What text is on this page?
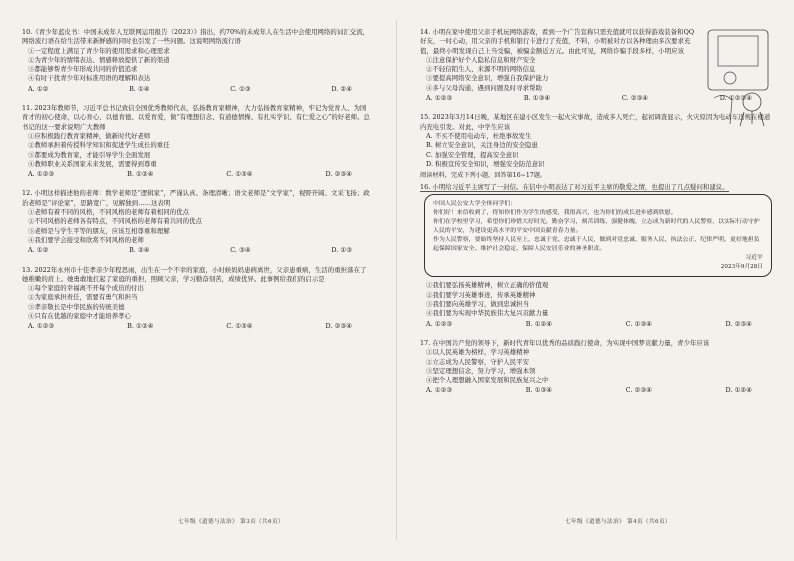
10.《青少年蓝皮书：中国未成年人互联网运用报告（2023）》指出，约70%的未成年人在生活中会使用网络的词汇交流，网络流行语在给生活带来新鲜感的同时也引发了一些问题。这说明网络流行语
①一定程度上满足了青少年的使用需求和心理需求
②为青少年的情绪表达、情感释放提供了新的渠道
③都能够帮青少年形成共同的价值追求
④有时干扰青少年对标准用语的理解和表达
A. ①②	B. ①④	C. ①③	D. ②④
11. 2023年教师节，习近平总书记致信全国优秀教师代表，弘扬教育家精神，大力弘扬教育家精神，牢记为党育人、为国育才的初心使命，以心育心、以德育德、以爱育爱，做“有理想信念、有道德情操、有扎实学识、有仁爱之心”的好老师。总书记的这一要求说明广大教师
①应积极践行教育家精神，做新时代好老师
②教师承担着传授科学知识和促进学生成长的重任
③都要成为教育家，才能引导学生全面发展
④教师职业关系国家未来发展，需要得到尊重
A. ①②③	B. ①②④	C. ①③④	D. ②③④
12. 小明这样描述他的老师：数学老师是“逻辑家”，严谨认真、条理清晰；语文老师是“文学家”，视野开阔、文采飞扬；政治老师是“评论家”，思路宽广，见解独到……这表明
①老师有着不同的风格，不同风格的老师有着相同的优点
②不同风格的老师各有特点，不同风格的老师有着共同的优点
③老师是与学生平等的朋友，应该互相尊重和理解
④我们要学会接受和欣赏不同风格的老师
A. ①②	B. ②④	C. ③④	D. ①③
13. 2022年永州市十佳孝亲少年程思雨，出生在一个不幸的家庭，小时候妈妈患病离世，父亲患重病，生活的重担落在了她稚嫩的肩上。她勇敢地扛起了家庭的重担，照顾父亲，学习勤奋刻苦，成绩优异。此事例给我们的启示是
①每个家庭的幸福离不开每个成员的付出
②为家庭承担责任，需要有勇气和担当
③孝亲敬长是中华民族的传统美德
④只有在优越的家庭中才能培养孝心
A. ①②③	B. ①②④	C. ①③④	D. ②③④
七年级《道德与法治》 第3页（共6页）
14. 小明在家中使用父亲手机玩网络游戏，看到一个广告宣称只需充值就可以获得游戏装备和QQ好友，一时心动，用父亲的手机和银行卡进行了充值，不料，小明被对方以各种理由多次要求充值，最终小明发现自己上当受骗，被骗金额近万元。由此可见，网络诈骗手段多样，小明应该
①注意保护好个人隐私信息和财产安全
②不轻信陌生人、来源不明的网络信息
③要提高网络安全意识，增强自我保护能力
④多与父母沟通，遇到问题及时寻求帮助
A. ①②③	B. ①③④	C. ②③④	D. ①②③④
15. 2023年3月14日晚，某地区在建小区发生一起火灾事故，造成多人死亡，起初调查显示，火灾原因为电动车违规在楼道内充电引发。对此，中学生应该
A. 不买不使用电动车，杜绝事故发生
B. 树立安全意识，关注身边的安全隐患
C. 加强安全管理，提高安全意识
D. 积极宣传安全知识，增强安全防范意识
阅读材料，完成下列小题，回答第16~17题。
16. 小明给习近平主席写了一封信。在信中小明表达了对习近平主席的敬爱之情，也提出了几点疑问和建议。
中国人民公安大学全体同学们：
你们好！来信收到了，得知你们作为学生的感受，我很高兴，也为你们的成长进步感到欣慰。
你们在学校里学习，希望你们珍惜大好时光，勤奋学习，刻苦训练，强健体魄，立志成为新时代的人民警察，以实际行动守护人民的平安，为建设更高水平的平安中国贡献青春力量。
作为人民警察，要始终坚持人民至上，忠诚于党、忠诚于人民，做到对党忠诚、服务人民、执法公正、纪律严明，更好地担负起保障国家安全、维护社会稳定、保障人民安居乐业的神圣职责。
习近平
2023年9月28日
①我们要弘扬英雄精神，树立正确的价值观
②我们要学习英雄事迹，传承英雄精神
③我们要向英雄学习，做到忠诚担当
④我们要为实现中华民族伟大复兴贡献力量
A. ①②③	B. ①②④	C. ①③④	D. ②③④
17. 在中国共产党的领导下，新时代青年以优秀的品质践行使命，为实现中国梦贡献力量，青少年应该
①以人民英雄为榜样，学习英雄精神
②立志成为人民警察，守护人民平安
③坚定理想信念，努力学习，增强本领
④把个人理想融入国家发展和民族复兴之中
A. ①②③	B. ①③④	C. ②③④	D. ①②④
七年级《道德与法治》 第4页（共6页）
